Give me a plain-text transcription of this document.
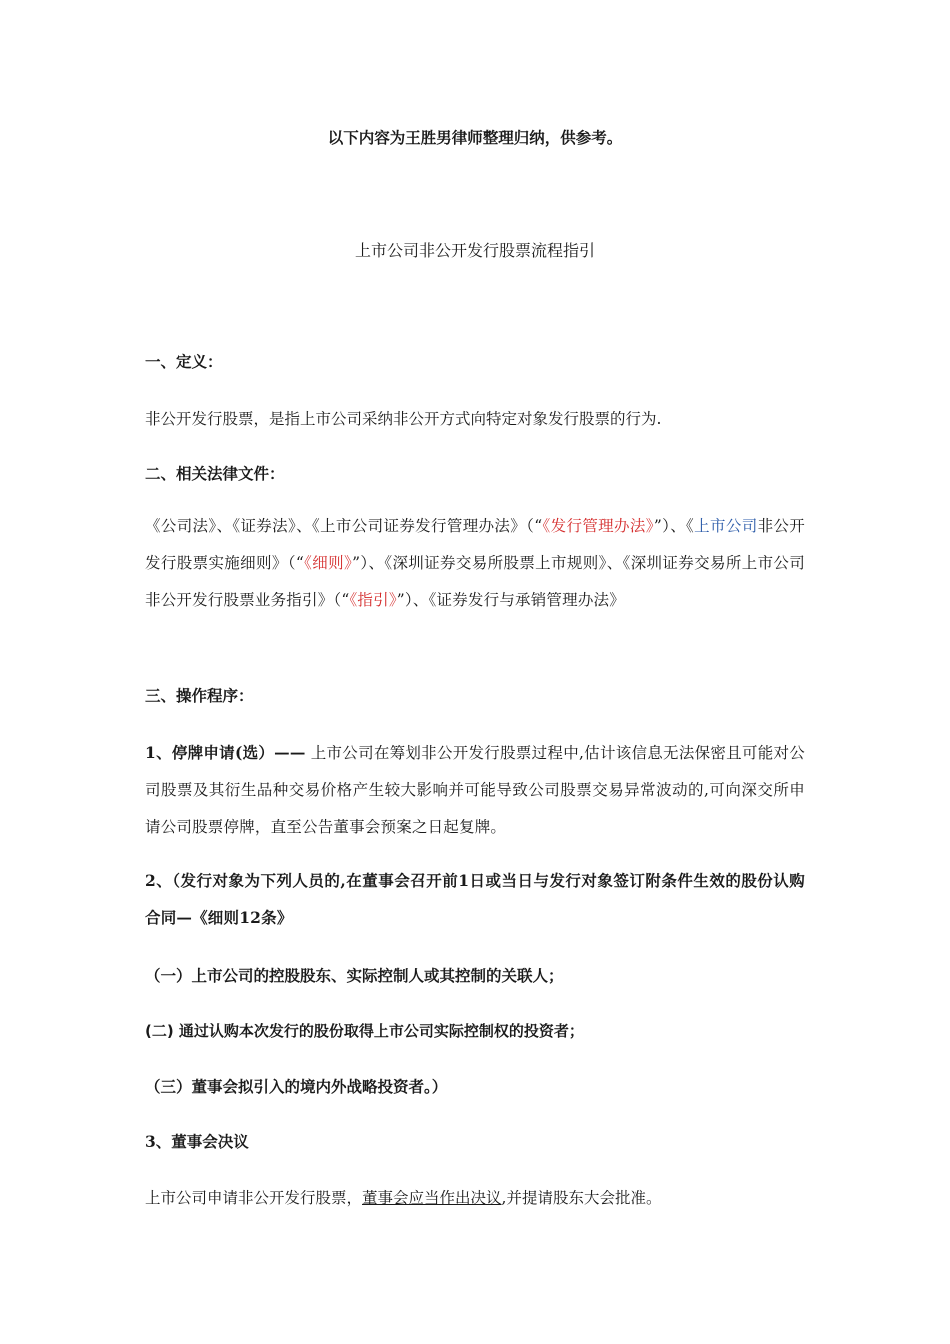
以下内容为王胜男律师整理归纳，供参考。

上市公司非公开发行股票流程指引

一、定义：

非公开发行股票，是指上市公司采纳非公开方式向特定对象发行股票的行为.

二、相关法律文件：

《公司法》、《证券法》、《上市公司证券发行管理办法》（“《发行管理办法》”）、《上市公司非公开发行股票实施细则》（“《细则》”）、《深圳证券交易所股票上市规则》、《深圳证券交易所上市公司非公开发行股票业务指引》（“《指引》”）、《证券发行与承销管理办法》

三、操作程序：

1、停牌申请(选）—— 上市公司在筹划非公开发行股票过程中,估计该信息无法保密且可能对公司股票及其衍生品种交易价格产生较大影响并可能导致公司股票交易异常波动的,可向深交所申请公司股票停牌，直至公告董事会预案之日起复牌。

2、（发行对象为下列人员的,在董事会召开前1日或当日与发行对象签订附条件生效的股份认购合同—《细则12条》

（一）上市公司的控股股东、实际控制人或其控制的关联人；

(二) 通过认购本次发行的股份取得上市公司实际控制权的投资者；

（三）董事会拟引入的境内外战略投资者。）

3、董事会决议

上市公司申请非公开发行股票，董事会应当作出决议,并提请股东大会批准。
